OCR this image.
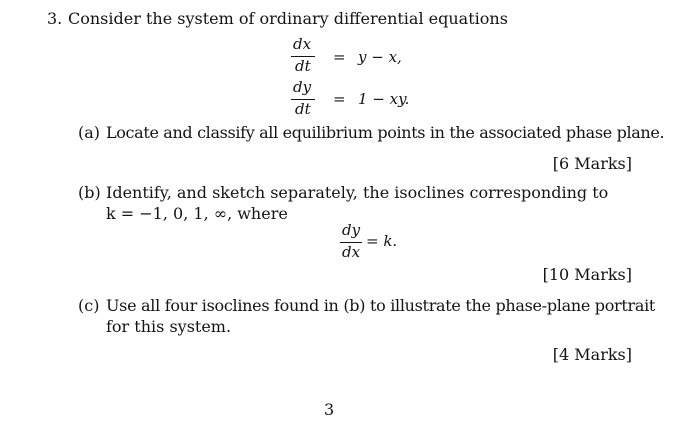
3. Consider the system of ordinary differential equations
dx
dt = y − x,
dy
dt
= 1 − xy.
(a) Locate and classify all equilibrium points in the associated phase plane.
[6 Marks]
(b) Identify, and sketch separately, the isoclines corresponding to
k = −1, 0, 1, ∞, where
dy
dx
= k.
[10 Marks]
(c) Use all four isoclines found in (b) to illustrate the phase-plane portrait
for this system.
[4 Marks]
3
